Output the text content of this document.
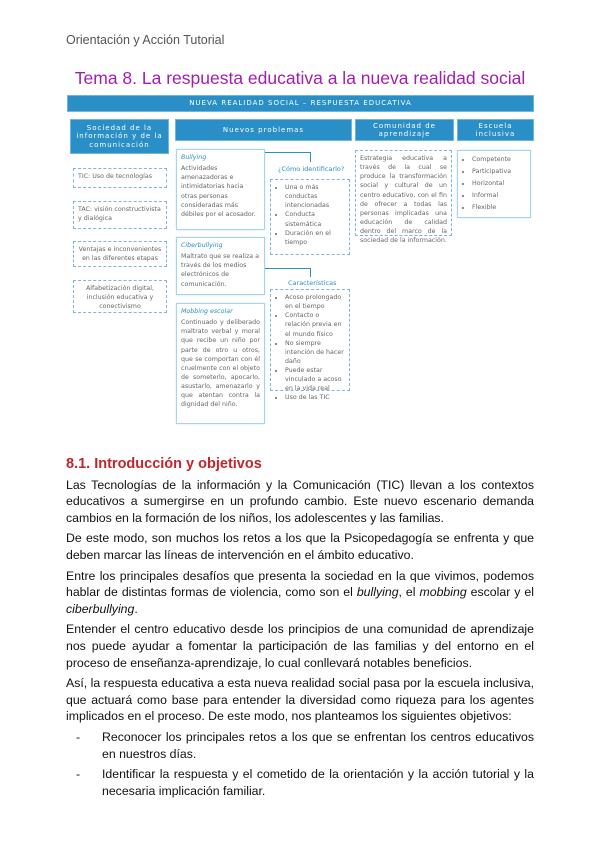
Orientación y Acción Tutorial
Tema 8. La respuesta educativa a la nueva realidad social
NUEVA REALIDAD SOCIAL – RESPUESTA EDUCATIVA
Sociedad de la información y de la comunicación
TIC: Uso de tecnologías
TAC: visión constructivista y dialógica
Ventajas e inconvenientes en las diferentes etapas
Alfabetización digital, inclusión educativa y conectivismo
Nuevos problemas
Bullying
Actividades amenazadoras e intimidatorias hacia otras personas consideradas más débiles por el acosador.
Ciberbullying
Maltrato que se realiza a través de los medios electrónicos de comunicación.
Mobbing escolar
Continuado y deliberado maltrato verbal y moral que recibe un niño por parte de otro u otros, que se comportan con él cruelmente con el objeto de someterlo, apocarlo, asustarlo, amenazarlo y que atentan contra la dignidad del niño.
¿Cómo identificarlo?
• Una o más conductas intencionadas
• Conducta sistemática
• Duración en el tiempo
Características
• Acoso prolongado en el tiempo
• Contacto o relación previa en el mundo físico
• No siempre intención de hacer daño
• Puede estar vinculado a acoso en la vida real
• Uso de las TIC
Comunidad de aprendizaje
Estrategia educativa a través de la cual se produce la transformación social y cultural de un centro educativo, con el fin de ofrecer a todas las personas implicadas una educación de calidad dentro del marco de la sociedad de la información.
Escuela inclusiva
• Competente
• Participativa
• Horizontal
• Informal
• Flexible
8.1. Introducción y objetivos

Las Tecnologías de la información y la Comunicación (TIC) llevan a los contextos educativos a sumergirse en un profundo cambio. Este nuevo escenario demanda cambios en la formación de los niños, los adolescentes y las familias.

De este modo, son muchos los retos a los que la Psicopedagogía se enfrenta y que deben marcar las líneas de intervención en el ámbito educativo.

Entre los principales desafíos que presenta la sociedad en la que vivimos, podemos hablar de distintas formas de violencia, como son el bullying, el mobbing escolar y el ciberbullying.

Entender el centro educativo desde los principios de una comunidad de aprendizaje nos puede ayudar a fomentar la participación de las familias y del entorno en el proceso de enseñanza-aprendizaje, lo cual conllevará notables beneficios.

Así, la respuesta educativa a esta nueva realidad social pasa por la escuela inclusiva, que actuará como base para entender la diversidad como riqueza para los agentes implicados en el proceso. De este modo, nos planteamos los siguientes objetivos:

- Reconocer los principales retos a los que se enfrentan los centros educativos en nuestros días.
- Identificar la respuesta y el cometido de la orientación y la acción tutorial y la necesaria implicación familiar.
